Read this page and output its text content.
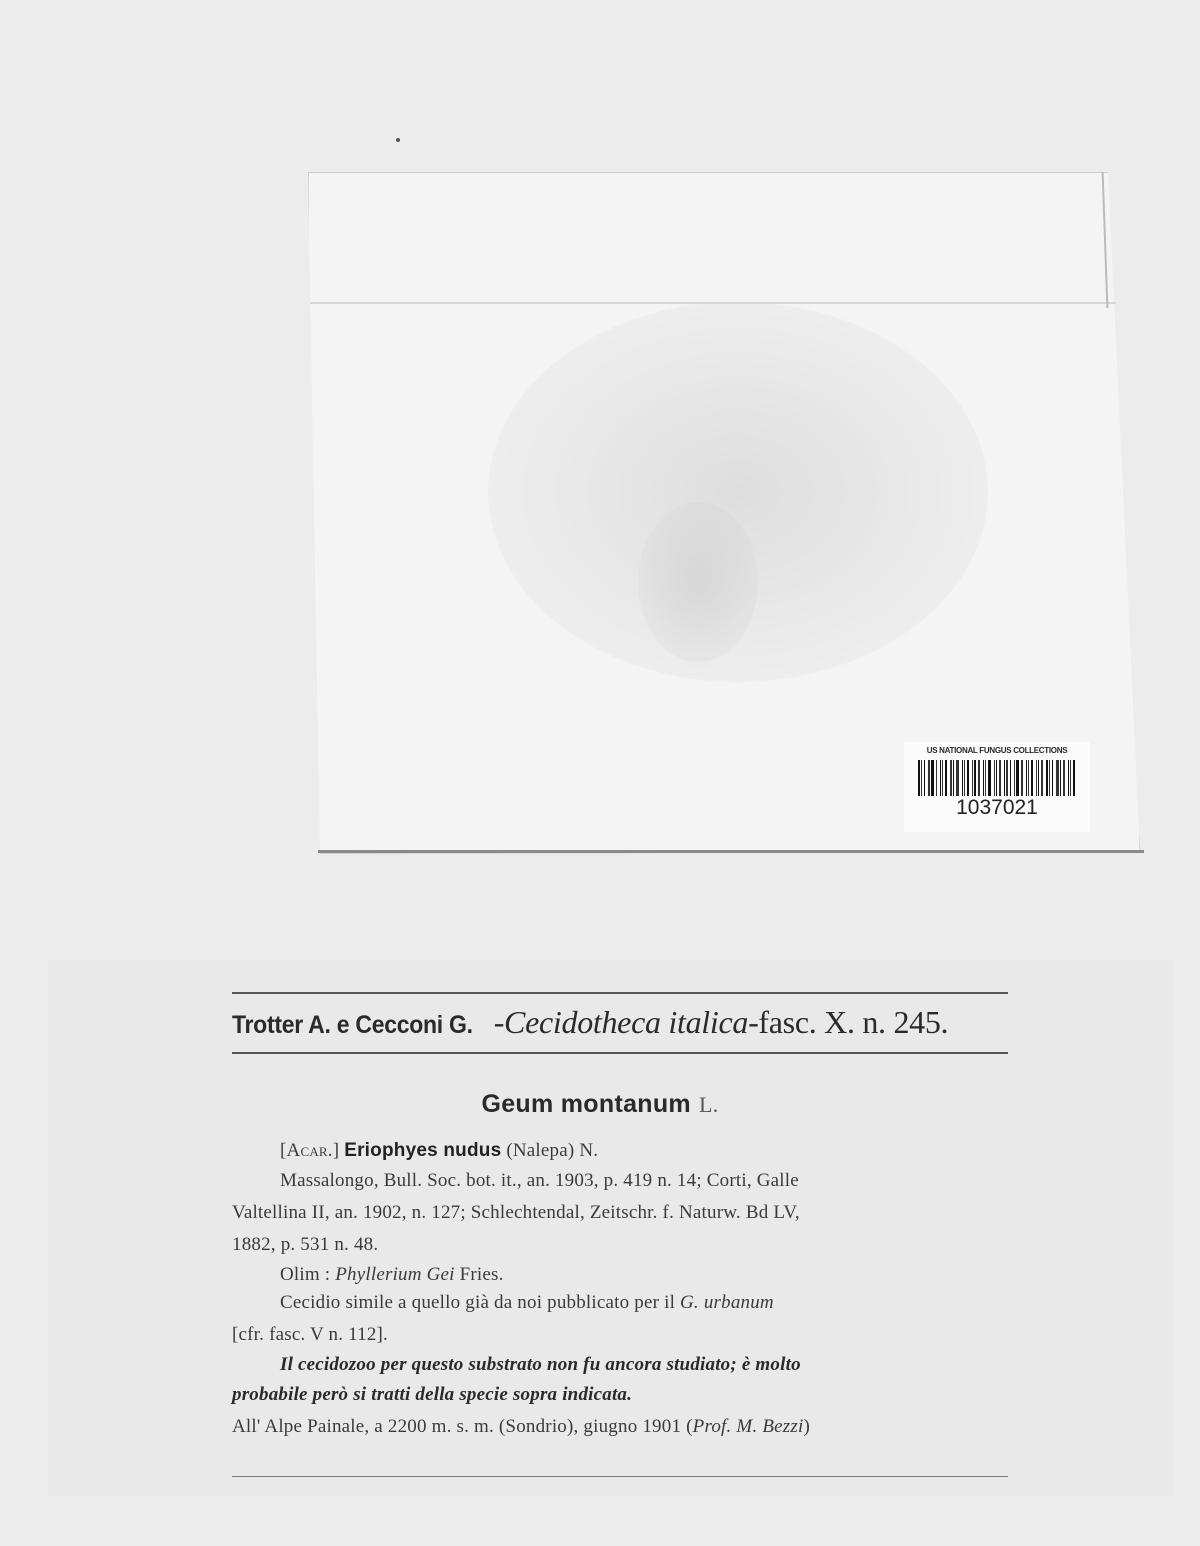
US NATIONAL FUNGUS COLLECTIONS
1037021
Trotter A. e Cecconi G. -Cecidotheca italica-fasc. X. n. 245.
Geum montanum L.
[Acar.] Eriophyes nudus (Nalepa) N.
Massalongo, Bull. Soc. bot. it., an. 1903, p. 419 n. 14; Corti, Galle
Valtellina II, an. 1902, n. 127; Schlechtendal, Zeitschr. f. Naturw. Bd LV,
1882, p. 531 n. 48.
Olim : Phyllerium Gei Fries.
Cecidio simile a quello già da noi pubblicato per il G. urbanum
[cfr. fasc. V n. 112].
Il cecidozoo per questo substrato non fu ancora studiato; è molto
probabile però si tratti della specie sopra indicata.
All' Alpe Painale, a 2200 m. s. m. (Sondrio), giugno 1901 (Prof. M. Bezzi)
